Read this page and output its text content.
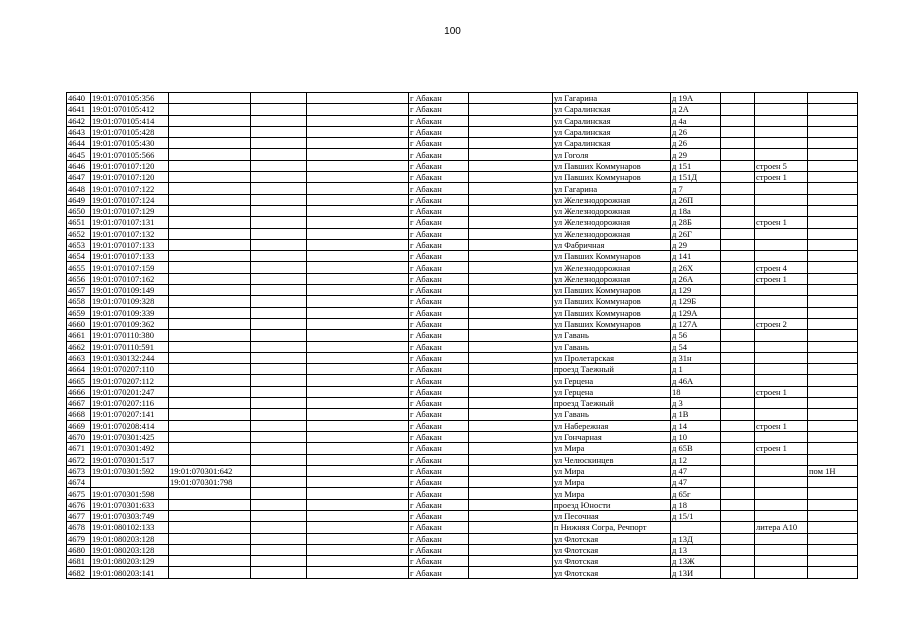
100
4640	19:01:070105:356				г Абакан		ул Гагарина	д 19А			
4641	19:01:070105:412				г Абакан		ул Саралинская	д 2А			
4642	19:01:070105:414				г Абакан		ул Саралинская	д 4а			
4643	19:01:070105:428				г Абакан		ул Саралинская	д 26			
4644	19:01:070105:430				г Абакан		ул Саралинская	д 26			
4645	19:01:070105:566				г Абакан		ул Гоголя	д 29			
4646	19:01:070107:120				г Абакан		ул Павших Коммунаров	д 151		строен 5	
4647	19:01:070107:120				г Абакан		ул Павших Коммунаров	д 151Д		строен 1	
4648	19:01:070107:122				г Абакан		ул Гагарина	д 7			
4649	19:01:070107:124				г Абакан		ул Железнодорожная	д 26П			
4650	19:01:070107:129				г Абакан		ул Железнодорожная	д 18а			
4651	19:01:070107:131				г Абакан		ул Железнодорожная	д 28Б		строен 1	
4652	19:01:070107:132				г Абакан		ул Железнодорожная	д 26Г			
4653	19:01:070107:133				г Абакан		ул Фабричная	д 29			
4654	19:01:070107:133				г Абакан		ул Павших Коммунаров	д 141			
4655	19:01:070107:159				г Абакан		ул Железнодорожная	д 26Х		строен 4	
4656	19:01:070107:162				г Абакан		ул Железнодорожная	д 26А		строен 1	
4657	19:01:070109:149				г Абакан		ул Павших Коммунаров	д 129			
4658	19:01:070109:328				г Абакан		ул Павших Коммунаров	д 129Б			
4659	19:01:070109:339				г Абакан		ул Павших Коммунаров	д 129А			
4660	19:01:070109:362				г Абакан		ул Павших Коммунаров	д 127А		строен 2	
4661	19:01:070110:380				г Абакан		ул Гавань	д 56			
4662	19:01:070110:591				г Абакан		ул Гавань	д 54			
4663	19:01:030132:244				г Абакан		ул Пролетарская	д 31н			
4664	19:01:070207:110				г Абакан		проезд Таежный	д 1			
4665	19:01:070207:112				г Абакан		ул Герцена	д 46А			
4666	19:01:070201:247				г Абакан		ул Герцена	18		строен 1	
4667	19:01:070207:116				г Абакан		проезд Таежный	д 3			
4668	19:01:070207:141				г Абакан		ул Гавань	д 1В			
4669	19:01:070208:414				г Абакан		ул Набережная	д 14		строен 1	
4670	19:01:070301:425				г Абакан		ул Гончарная	д 10			
4671	19:01:070301:492				г Абакан		ул Мира	д 65В		строен 1	
4672	19:01:070301:517				г Абакан		ул Челюскинцев	д 12			
4673	19:01:070301:592	19:01:070301:642			г Абакан		ул Мира	д 47			пом 1Н
4674		19:01:070301:798			г Абакан		ул Мира	д 47			
4675	19:01:070301:598				г Абакан		ул Мира	д 65г			
4676	19:01:070301:633				г Абакан		проезд Юности	д 18			
4677	19:01:070303:749				г Абакан		ул Песочная	д 15/1			
4678	19:01:080102:133				г Абакан		п Нижняя Согра, Речпорт			литера А10	
4679	19:01:080203:128				г Абакан		ул Флотская	д 13Д			
4680	19:01:080203:128				г Абакан		ул Флотская	д 13			
4681	19:01:080203:129				г Абакан		ул Флотская	д 13Ж			
4682	19:01:080203:141				г Абакан		ул Флотская	д 13И			
